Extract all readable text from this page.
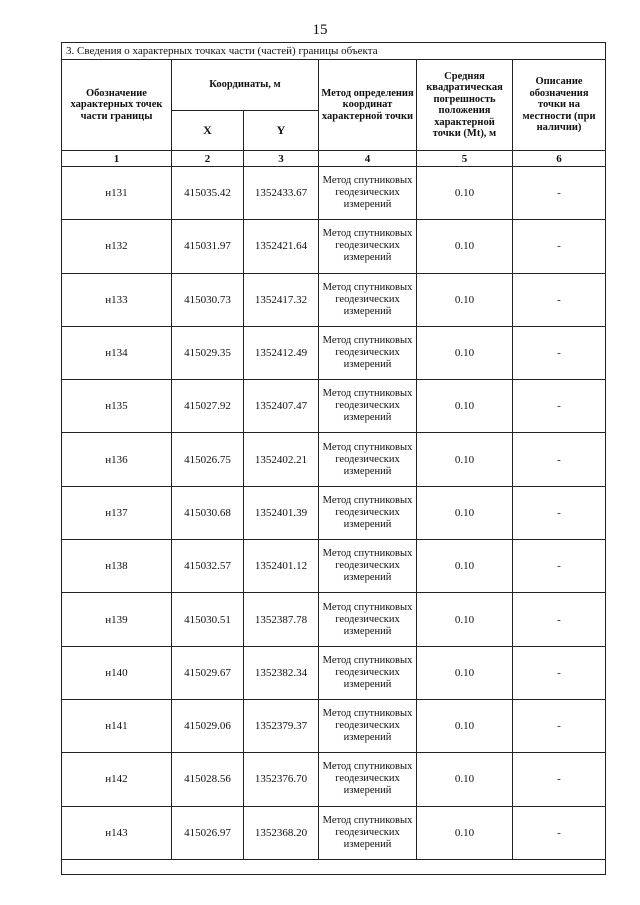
15
3. Сведения о характерных точках части (частей) границы объекта					
Обозначение характерных точек части границы	Координаты, м		Метод определения координат характерной точки	Средняя квадратическая погрешность положения характерной точки (Mt), м	Описание обозначения точки на местности (при наличии)
	X	Y			
1	2	3	4	5	6
н131	415035.42	1352433.67	Метод спутниковых геодезических измерений	0.10	-
н132	415031.97	1352421.64	Метод спутниковых геодезических измерений	0.10	-
н133	415030.73	1352417.32	Метод спутниковых геодезических измерений	0.10	-
н134	415029.35	1352412.49	Метод спутниковых геодезических измерений	0.10	-
н135	415027.92	1352407.47	Метод спутниковых геодезических измерений	0.10	-
н136	415026.75	1352402.21	Метод спутниковых геодезических измерений	0.10	-
н137	415030.68	1352401.39	Метод спутниковых геодезических измерений	0.10	-
н138	415032.57	1352401.12	Метод спутниковых геодезических измерений	0.10	-
н139	415030.51	1352387.78	Метод спутниковых геодезических измерений	0.10	-
н140	415029.67	1352382.34	Метод спутниковых геодезических измерений	0.10	-
н141	415029.06	1352379.37	Метод спутниковых геодезических измерений	0.10	-
н142	415028.56	1352376.70	Метод спутниковых геодезических измерений	0.10	-
н143	415026.97	1352368.20	Метод спутниковых геодезических измерений	0.10	-
